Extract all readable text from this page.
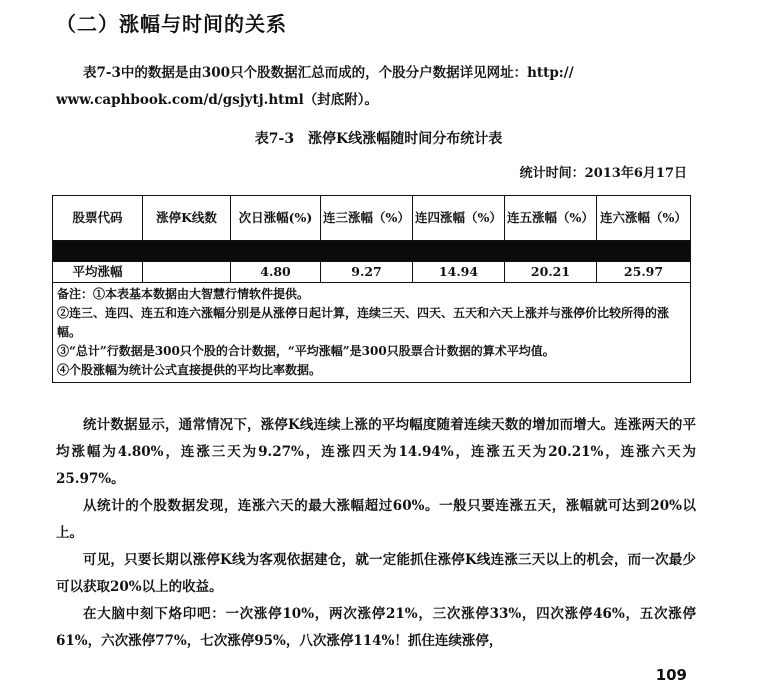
（二）涨幅与时间的关系
表7-3中的数据是由300只个股数据汇总而成的，个股分户数据详见网址：http://
www.caphbook.com/d/gsjytj.html（封底附）。
表7-3　涨停K线涨幅随时间分布统计表
统计时间：2013年6月17日
股票代码	涨停K线数	次日涨幅(%)	连三涨幅（%）	连四涨幅（%）	连五涨幅（%）	连六涨幅（%）

平均涨幅		4.80	9.27	14.94	20.21	25.97

备注：①本表基本数据由大智慧行情软件提供。
②连三、连四、连五和连六涨幅分别是从涨停日起计算，连续三天、四天、五天和六天上涨并与涨停价比较所得的涨幅。
③“总计”行数据是300只个股的合计数据，“平均涨幅”是300只股票合计数据的算术平均值。
④个股涨幅为统计公式直接提供的平均比率数据。						
统计数据显示，通常情况下，涨停K线连续上涨的平均幅度随着连续天数的增加而增大。连涨两天的平均涨幅为4.80%，连涨三天为9.27%，连涨四天为14.94%，连涨五天为20.21%，连涨六天为25.97%。
从统计的个股数据发现，连涨六天的最大涨幅超过60%。一般只要连涨五天，涨幅就可达到20%以上。
可见，只要长期以涨停K线为客观依据建仓，就一定能抓住涨停K线连涨三天以上的机会，而一次最少可以获取20%以上的收益。
在大脑中刻下烙印吧：一次涨停10%，两次涨停21%，三次涨停33%，四次涨停46%，五次涨停61%，六次涨停77%，七次涨停95%，八次涨停114%！抓住连续涨停，
109
